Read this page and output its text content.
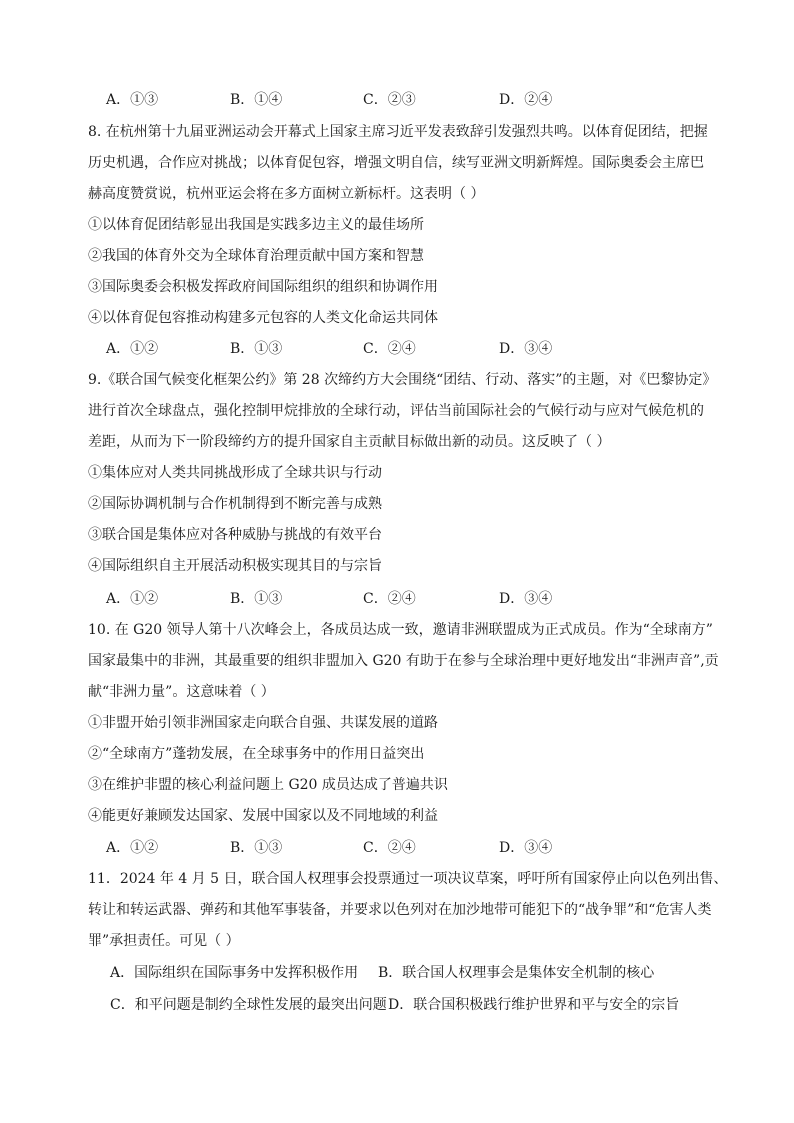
A．①③	B．①④	C．②③	D．②④
8. 在杭州第十九届亚洲运动会开幕式上国家主席习近平发表致辞引发强烈共鸣。以体育促团结，把握
历史机遇，合作应对挑战；以体育促包容，增强文明自信，续写亚洲文明新辉煌。国际奥委会主席巴
赫高度赞赏说，杭州亚运会将在多方面树立新标杆。这表明（ ）
①以体育促团结彰显出我国是实践多边主义的最佳场所
②我国的体育外交为全球体育治理贡献中国方案和智慧
③国际奥委会积极发挥政府间国际组织的组织和协调作用
④以体育促包容推动构建多元包容的人类文化命运共同体
A．①②	B．①③	C．②④	D．③④
9.《联合国气候变化框架公约》第 28 次缔约方大会围绕“团结、行动、落实”的主题，对《巴黎协定》
进行首次全球盘点，强化控制甲烷排放的全球行动，评估当前国际社会的气候行动与应对气候危机的
差距，从而为下一阶段缔约方的提升国家自主贡献目标做出新的动员。这反映了（ ）
①集体应对人类共同挑战形成了全球共识与行动
②国际协调机制与合作机制得到不断完善与成熟
③联合国是集体应对各种威胁与挑战的有效平台
④国际组织自主开展活动积极实现其目的与宗旨
A．①②	B．①③	C．②④	D．③④
10. 在 G20 领导人第十八次峰会上，各成员达成一致，邀请非洲联盟成为正式成员。作为“全球南方”
国家最集中的非洲，其最重要的组织非盟加入 G20 有助于在参与全球治理中更好地发出“非洲声音”,贡
献“非洲力量”。这意味着（ ）
①非盟开始引领非洲国家走向联合自强、共谋发展的道路
②“全球南方”蓬勃发展，在全球事务中的作用日益突出
③在维护非盟的核心利益问题上 G20 成员达成了普遍共识
④能更好兼顾发达国家、发展中国家以及不同地域的利益
A．①②	B．①③	C．②④	D．③④
11．2024 年 4 月 5 日，联合国人权理事会投票通过一项决议草案，呼吁所有国家停止向以色列出售、
转让和转运武器、弹药和其他军事装备，并要求以色列对在加沙地带可能犯下的“战争罪”和“危害人类
罪”承担责任。可见（ ）
A．国际组织在国际事务中发挥积极作用 B．联合国人权理事会是集体安全机制的核心
C．和平问题是制约全球性发展的最突出问题 D．联合国积极践行维护世界和平与安全的宗旨
